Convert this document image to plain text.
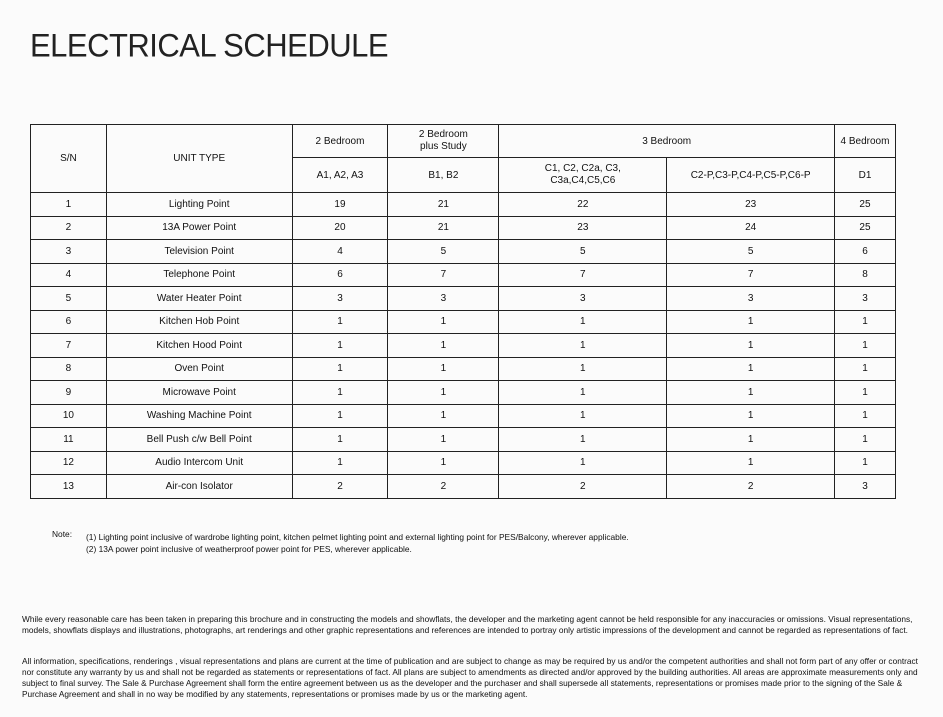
ELECTRICAL SCHEDULE
S/N	UNIT TYPE	2 Bedroom	2 Bedroom plus Study	3 Bedroom		4 Bedroom
		A1, A2, A3	B1, B2	C1, C2, C2a, C3, C3a,C4,C5,C6	C2-P,C3-P,C4-P,C5-P,C6-P	D1
1	Lighting Point	19	21	22	23	25
2	13A Power Point	20	21	23	24	25
3	Television Point	4	5	5	5	6
4	Telephone Point	6	7	7	7	8
5	Water Heater Point	3	3	3	3	3
6	Kitchen Hob Point	1	1	1	1	1
7	Kitchen Hood Point	1	1	1	1	1
8	Oven Point	1	1	1	1	1
9	Microwave Point	1	1	1	1	1
10	Washing Machine Point	1	1	1	1	1
11	Bell Push c/w Bell Point	1	1	1	1	1
12	Audio Intercom Unit	1	1	1	1	1
13	Air-con Isolator	2	2	2	2	3
Note: (1) Lighting point inclusive of wardrobe lighting point, kitchen pelmet lighting point and external lighting point for PES/Balcony, wherever applicable.
(2) 13A power point inclusive of weatherproof power point for PES, wherever applicable.
While every reasonable care has been taken in preparing this brochure and in constructing the models and showflats, the developer and the marketing agent cannot be held responsible for any inaccuracies or omissions. Visual representations, models, showflats displays and illustrations, photographs, art renderings and other graphic representations and references are intended to portray only artistic impressions of the development and cannot be regarded as representations of fact.
All information, specifications, renderings , visual representations and plans are current at the time of publication and are subject to change as may be required by us and/or the competent authorities and shall not form part of any offer or contract nor constitute any warranty by us and shall not be regarded as statements or representations of fact. All plans are subject to amendments as directed and/or approved by the building authorities. All areas are approximate measurements only and subject to final survey. The Sale & Purchase Agreement shall form the entire agreement between us as the developer and the purchaser and shall supersede all statements, representations or promises made prior to the signing of the Sale & Purchase Agreement and shall in no way be modified by any statements, representations or promises made by us or the marketing agent.
